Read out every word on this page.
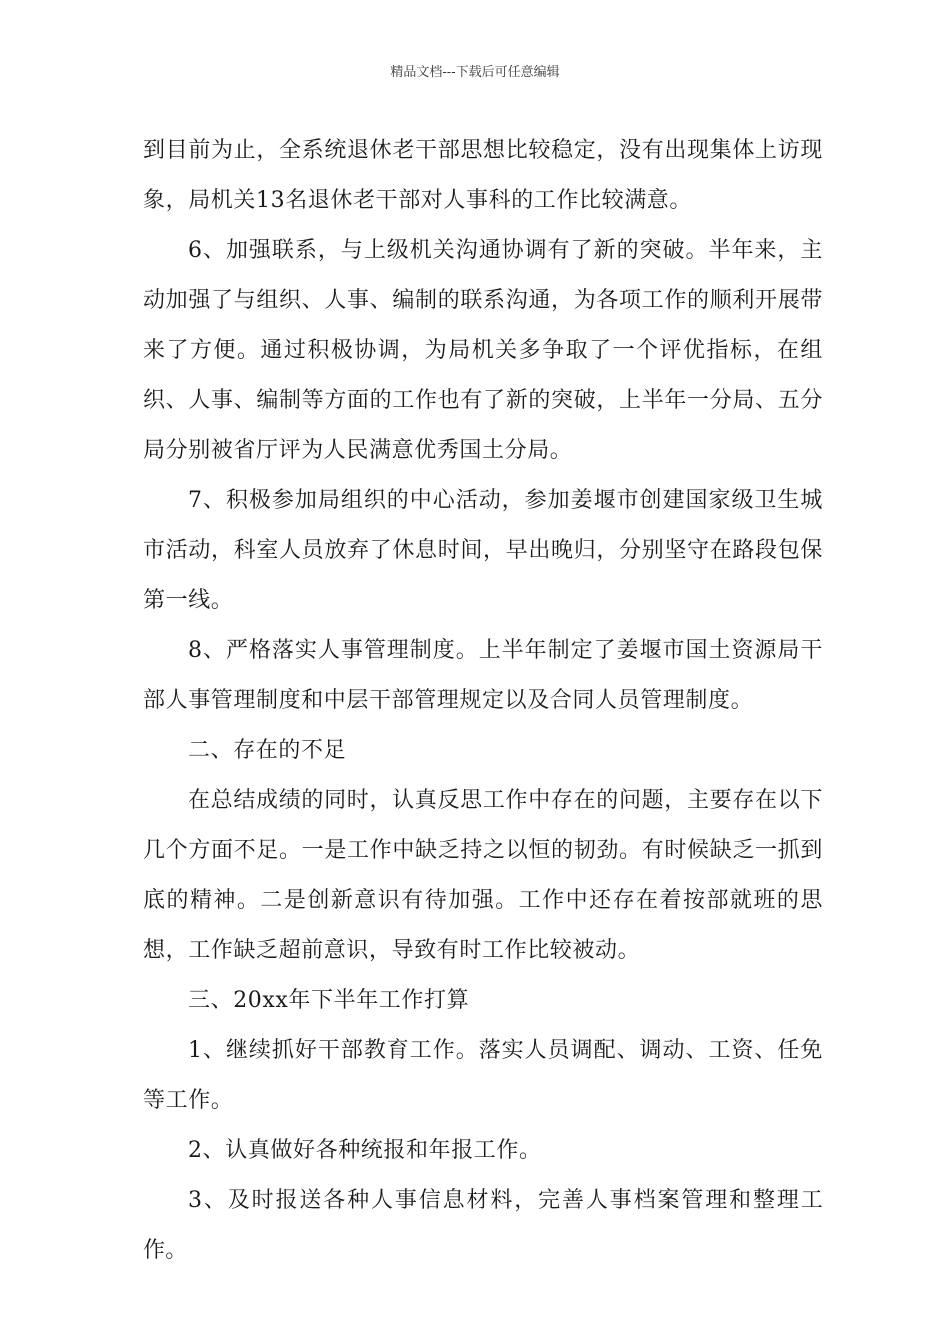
精品文档---下载后可任意编辑

到目前为止，全系统退休老干部思想比较稳定，没有出现集体上访现象，局机关13名退休老干部对人事科的工作比较满意。

6、加强联系，与上级机关沟通协调有了新的突破。半年来，主动加强了与组织、人事、编制的联系沟通，为各项工作的顺利开展带来了方便。通过积极协调，为局机关多争取了一个评优指标，在组织、人事、编制等方面的工作也有了新的突破，上半年一分局、五分局分别被省厅评为人民满意优秀国土分局。

7、积极参加局组织的中心活动，参加姜堰市创建国家级卫生城市活动，科室人员放弃了休息时间，早出晚归，分别坚守在路段包保第一线。

8、严格落实人事管理制度。上半年制定了姜堰市国土资源局干部人事管理制度和中层干部管理规定以及合同人员管理制度。

二、存在的不足

在总结成绩的同时，认真反思工作中存在的问题，主要存在以下几个方面不足。一是工作中缺乏持之以恒的韧劲。有时候缺乏一抓到底的精神。二是创新意识有待加强。工作中还存在着按部就班的思想，工作缺乏超前意识，导致有时工作比较被动。

三、20xx年下半年工作打算

1、继续抓好干部教育工作。落实人员调配、调动、工资、任免等工作。

2、认真做好各种统报和年报工作。

3、及时报送各种人事信息材料，完善人事档案管理和整理工作。
